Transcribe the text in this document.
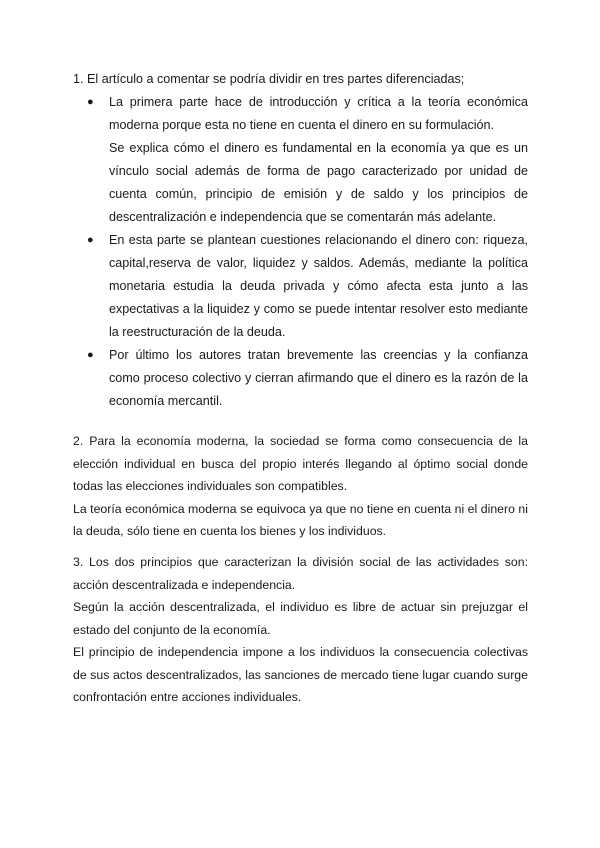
1. El artículo a comentar se podría dividir en tres partes diferenciadas;
● La primera parte hace de introducción y crítica a la teoría económica moderna porque esta no tiene en cuenta el dinero en su formulación.

Se explica cómo el dinero es fundamental en la economía ya que es un vínculo social además de forma de pago caracterizado por unidad de cuenta común, principio de emisión y de saldo y los principios de descentralización e independencia que se comentarán más adelante.

● En esta parte se plantean cuestiones relacionando el dinero con: riqueza, capital,reserva de valor, liquidez y saldos. Además, mediante la política monetaria estudia la deuda privada y cómo afecta esta junto a las expectativas a la liquidez y como se puede intentar resolver esto mediante la reestructuración de la deuda.

● Por último los autores tratan brevemente las creencias y la confianza como proceso colectivo y cierran afirmando que el dinero es la razón de la economía mercantil.

2. Para la economía moderna, la sociedad se forma como consecuencia de la elección individual en busca del propio interés llegando al óptimo social donde todas las elecciones individuales son compatibles.

La teoría económica moderna se equivoca ya que no tiene en cuenta ni el dinero ni la deuda, sólo tiene en cuenta los bienes y los individuos.

3. Los dos principios que caracterizan la división social de las actividades son: acción descentralizada e independencia.

Según la acción descentralizada, el individuo es libre de actuar sin prejuzgar el estado del conjunto de la economía.

El principio de independencia impone a los individuos la consecuencia colectivas de sus actos descentralizados, las sanciones de mercado tiene lugar cuando surge confrontación entre acciones individuales.
